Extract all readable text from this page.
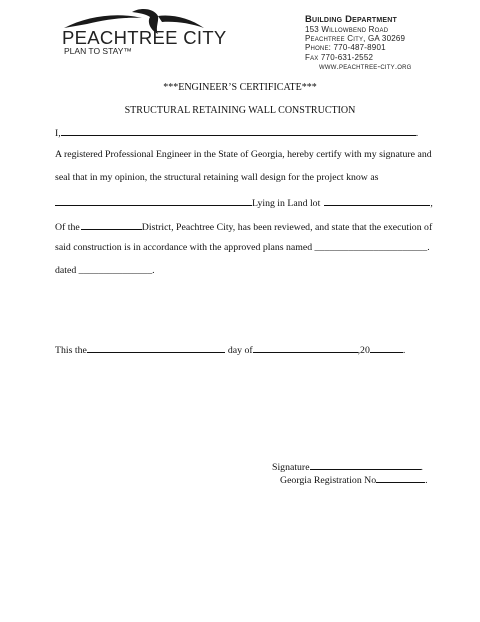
PEACHTREE CITY
PLAN TO STAY™
Building Department
153 Willowbend Road
Peachtree City, GA 30269
Phone: 770-487-8901
Fax 770-631-2552
www.peachtree-city.org
***ENGINEER’S CERTIFICATE***
STRUCTURAL RETAINING WALL CONSTRUCTION
I,	.
A registered Professional Engineer in the State of Georgia, hereby certify with my signature and
seal that in my opinion, the structural retaining wall design for the project know as
Lying in Land lot	,
Of the	District, Peachtree City, has been reviewed, and state that the execution of
said construction is in accordance with the approved plans named _______________________.
dated _______________.
This the	day of	,20	.
Signature	.
Georgia Registration No	.
